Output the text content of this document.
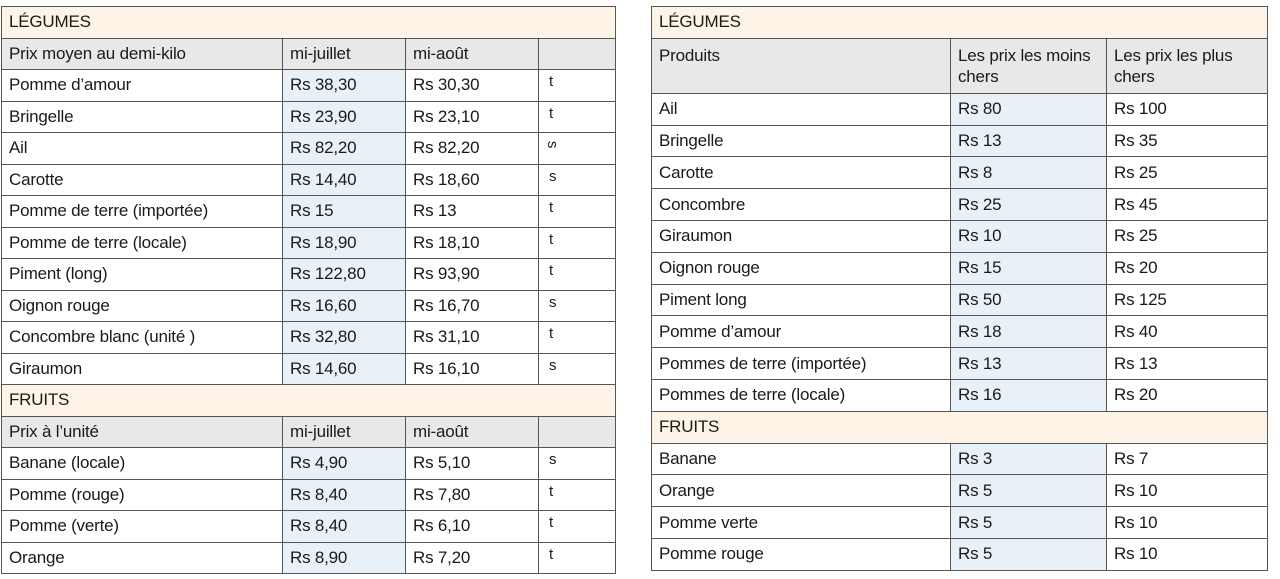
LÉGUMES			
Prix moyen au demi-kilo	mi-juillet	mi-août	
Pomme d’amour	Rs 38,30	Rs 30,30	t
Bringelle	Rs 23,90	Rs 23,10	t
Ail	Rs 82,20	Rs 82,20	s
Carotte	Rs 14,40	Rs 18,60	s
Pomme de terre (importée)	Rs 15	Rs 13	t
Pomme de terre (locale)	Rs 18,90	Rs 18,10	t
Piment (long)	Rs 122,80	Rs 93,90	t
Oignon rouge	Rs 16,60	Rs 16,70	s
Concombre blanc (unité )	Rs 32,80	Rs 31,10	t
Giraumon	Rs 14,60	Rs 16,10	s
FRUITS			
Prix à l’unité	mi-juillet	mi-août	
Banane (locale)	Rs 4,90	Rs 5,10	s
Pomme (rouge)	Rs 8,40	Rs 7,80	t
Pomme (verte)	Rs 8,40	Rs 6,10	t
Orange	Rs 8,90	Rs 7,20	t
LÉGUMES		
Produits	Les prix les moins chers	Les prix les plus chers
Ail	Rs 80	Rs 100
Bringelle	Rs 13	Rs 35
Carotte	Rs 8	Rs 25
Concombre	Rs 25	Rs 45
Giraumon	Rs 10	Rs 25
Oignon rouge	Rs 15	Rs 20
Piment long	Rs 50	Rs 125
Pomme d’amour	Rs 18	Rs 40
Pommes de terre (importée)	Rs 13	Rs 13
Pommes de terre (locale)	Rs 16	Rs 20
FRUITS		
Banane	Rs 3	Rs 7
Orange	Rs 5	Rs 10
Pomme verte	Rs 5	Rs 10
Pomme rouge	Rs 5	Rs 10
